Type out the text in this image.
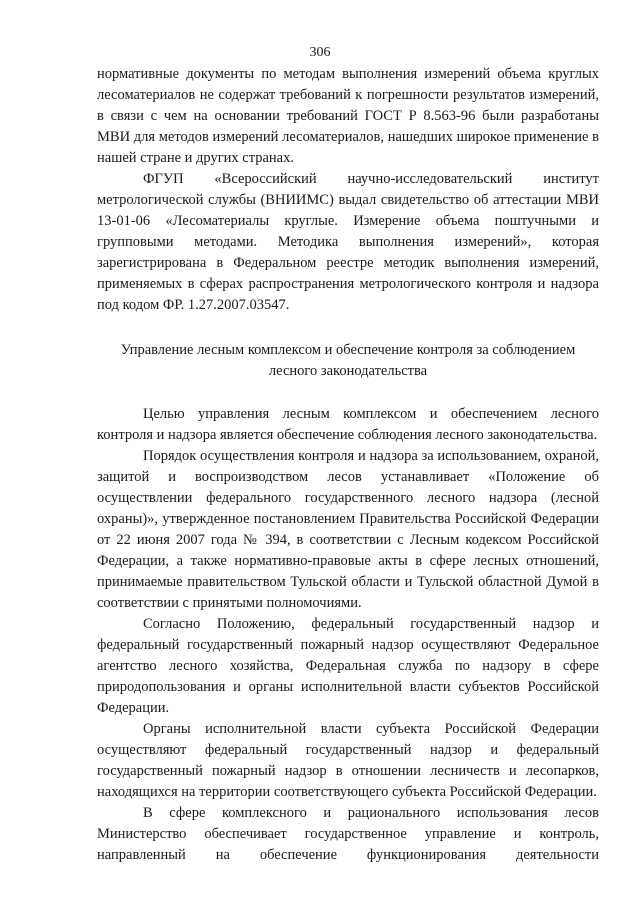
306

нормативные документы по методам выполнения измерений объема круглых лесоматериалов не содержат требований к погрешности результатов измерений, в связи с чем на основании требований ГОСТ Р 8.563-96 были разработаны МВИ для методов измерений лесоматериалов, нашедших широкое применение в нашей стране и других странах.

ФГУП «Всероссийский научно-исследовательский институт метрологической службы (ВНИИМС) выдал свидетельство об аттестации МВИ 13-01-06 «Лесоматериалы круглые. Измерение объема поштучными и групповыми методами. Методика выполнения измерений», которая зарегистрирована в Федеральном реестре методик выполнения измерений, применяемых в сферах распространения метрологического контроля и надзора под кодом ФР. 1.27.2007.03547.

Управление лесным комплексом и обеспечение контроля за соблюдением лесного законодательства

Целью управления лесным комплексом и обеспечением лесного контроля и надзора является обеспечение соблюдения лесного законодательства.

Порядок осуществления контроля и надзора за использованием, охраной, защитой и воспроизводством лесов устанавливает «Положение об осуществлении федерального государственного лесного надзора (лесной охраны)», утвержденное постановлением Правительства Российской Федерации от 22 июня 2007 года № 394, в соответствии с Лесным кодексом Российской Федерации, а также нормативно-правовые акты в сфере лесных отношений, принимаемые правительством Тульской области и Тульской областной Думой в соответствии с принятыми полномочиями.

Согласно Положению, федеральный государственный надзор и федеральный государственный пожарный надзор осуществляют Федеральное агентство лесного хозяйства, Федеральная служба по надзору в сфере природопользования и органы исполнительной власти субъектов Российской Федерации.

Органы исполнительной власти субъекта Российской Федерации осуществляют федеральный государственный надзор и федеральный государственный пожарный надзор в отношении лесничеств и лесопарков, находящихся на территории соответствующего субъекта Российской Федерации.

В сфере комплексного и рационального использования лесов Министерство обеспечивает государственное управление и контроль, направленный на обеспечение функционирования деятельности
